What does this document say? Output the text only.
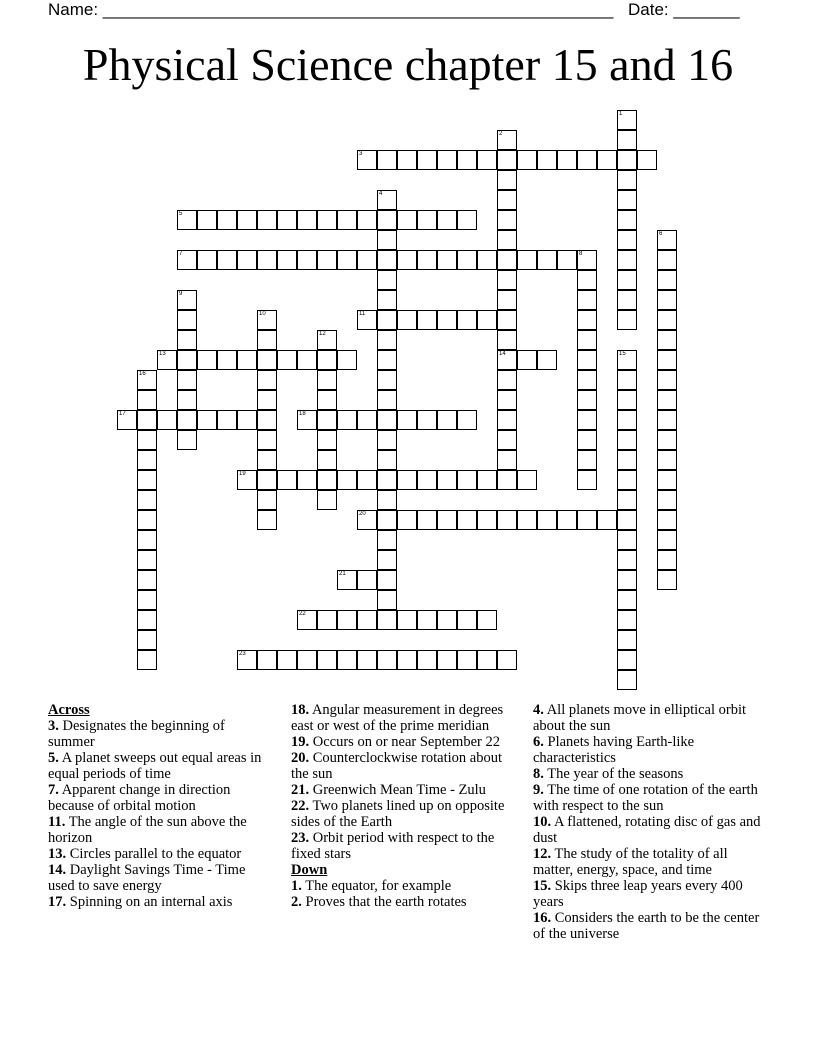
Name: ______________________________________________________ Date: _______
Physical Science chapter 15 and 16
1
2
14
3
4
5
6
7	8
9
10	11
12
13	15
16
17	18
19
20
21
22
23
Across
3. Designates the beginning of summer
5. A planet sweeps out equal areas in equal periods of time
7. Apparent change in direction because of orbital motion
11. The angle of the sun above the horizon
13. Circles parallel to the equator
14. Daylight Savings Time - Time used to save energy
17. Spinning on an internal axis
18. Angular measurement in degrees east or west of the prime meridian
19. Occurs on or near September 22
20. Counterclockwise rotation about the sun
21. Greenwich Mean Time - Zulu
22. Two planets lined up on opposite sides of the Earth
23. Orbit period with respect to the fixed stars
Down
1. The equator, for example
2. Proves that the earth rotates
4. All planets move in elliptical orbit about the sun
6. Planets having Earth-like characteristics
8. The year of the seasons
9. The time of one rotation of the earth with respect to the sun
10. A flattened, rotating disc of gas and dust
12. The study of the totality of all matter, energy, space, and time
15. Skips three leap years every 400 years
16. Considers the earth to be the center of the universe
